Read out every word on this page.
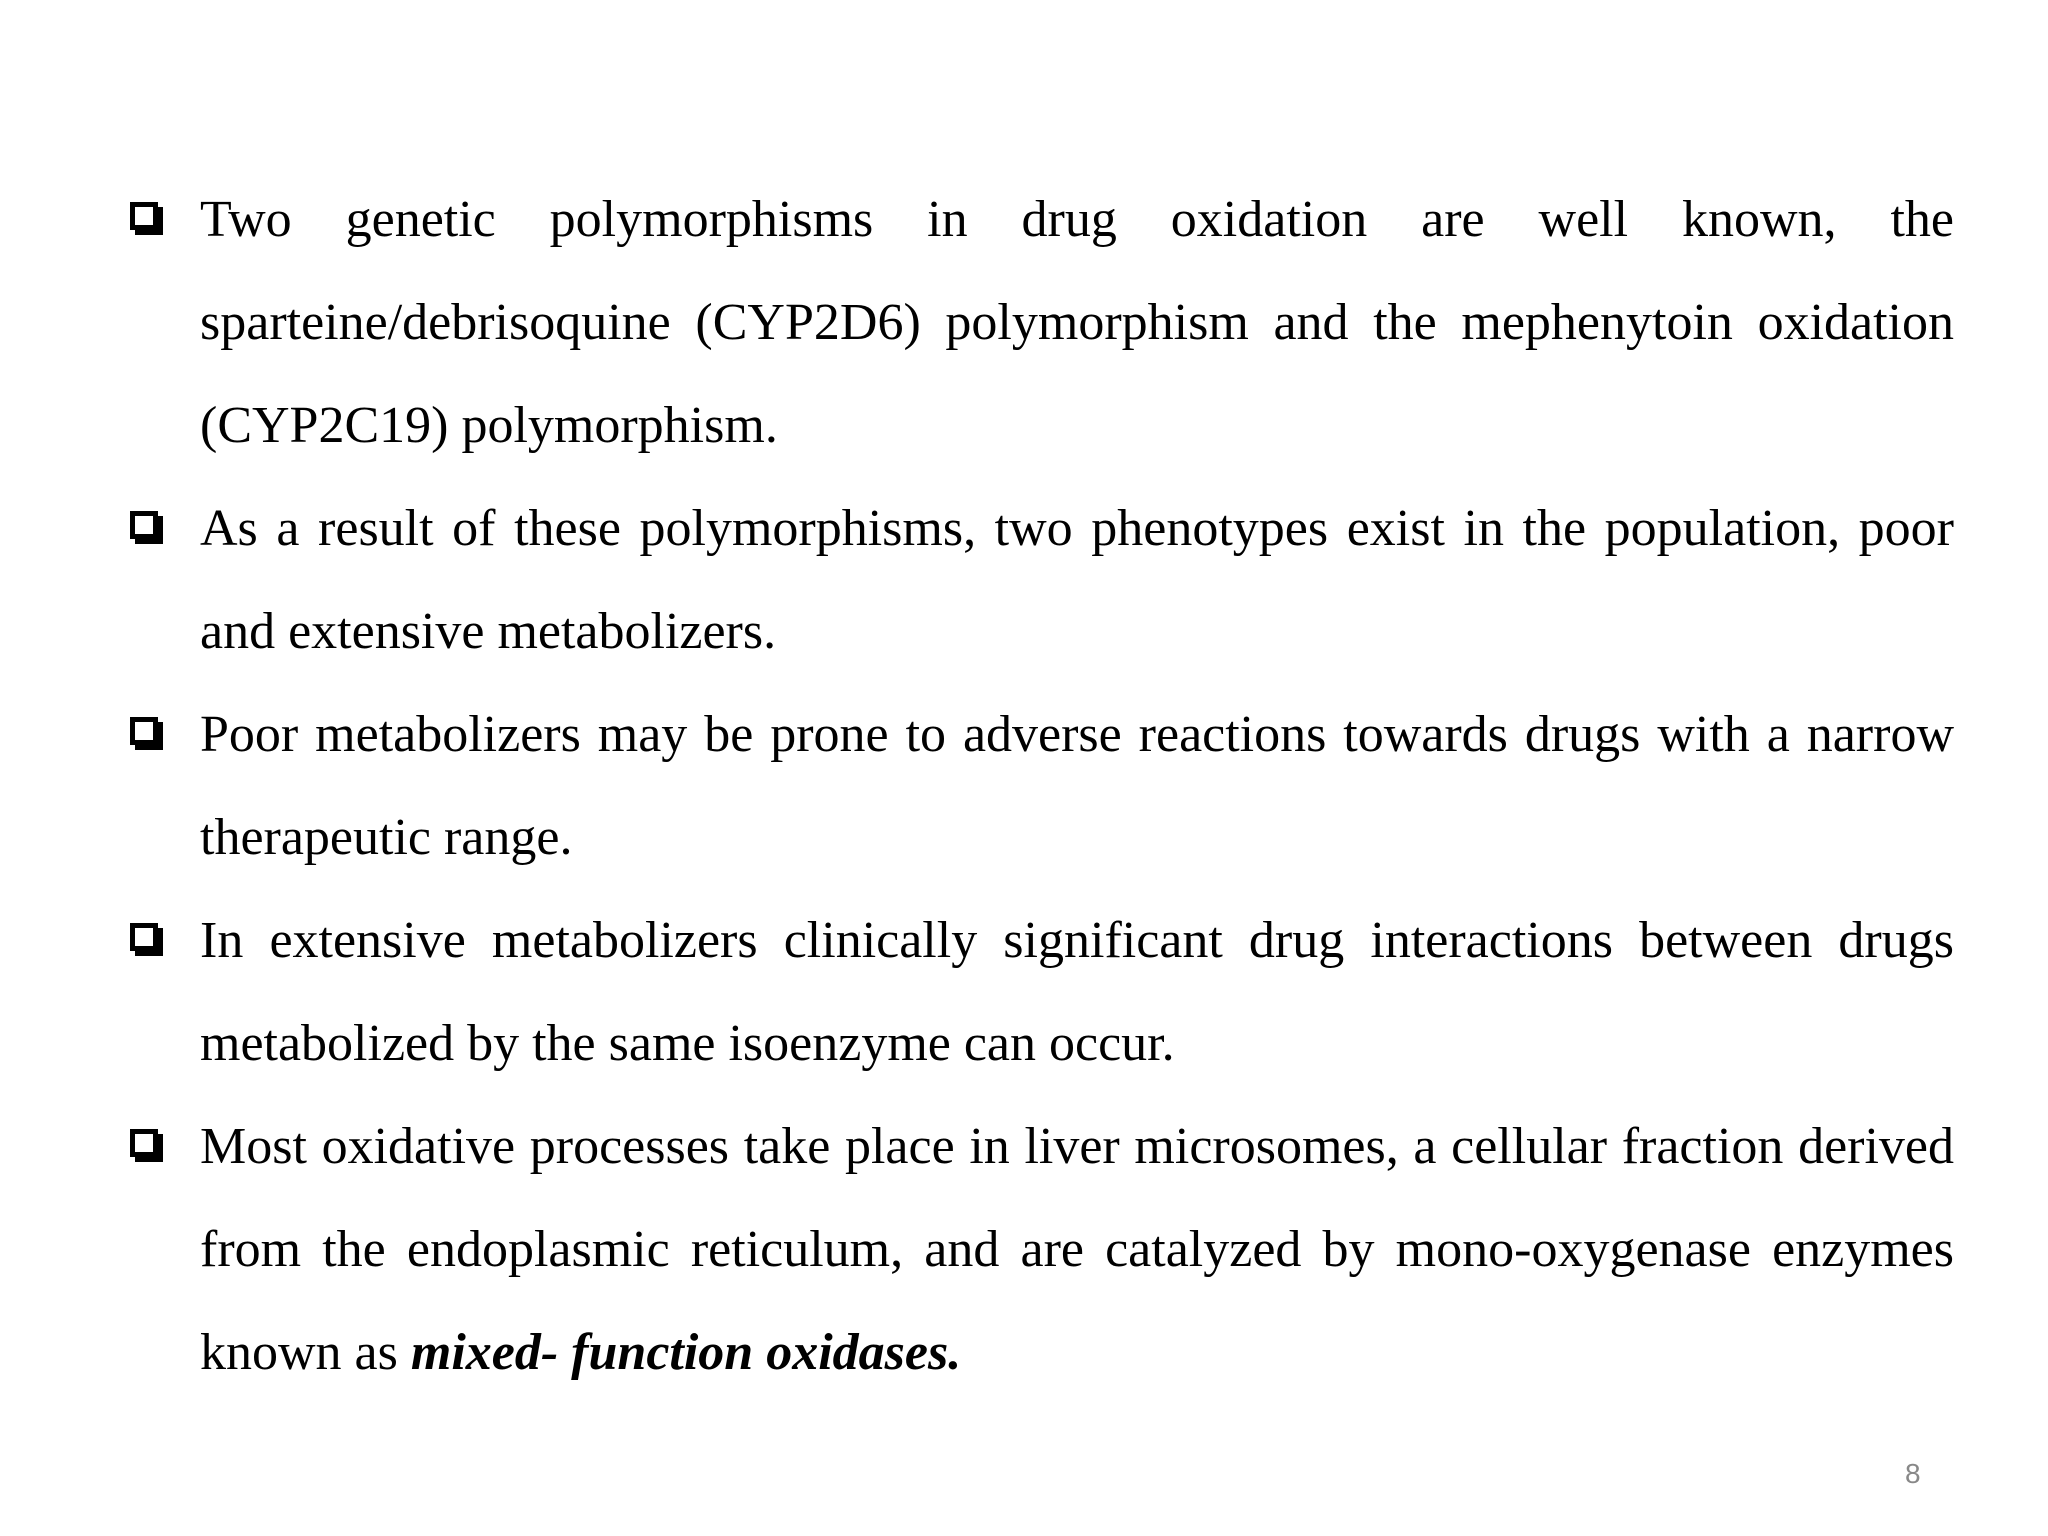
Two genetic polymorphisms in drug oxidation are well known, the sparteine/debrisoquine (CYP2D6) polymorphism and the mephenytoin oxidation (CYP2C19) polymorphism.
As a result of these polymorphisms, two phenotypes exist in the population, poor and extensive metabolizers.
Poor metabolizers may be prone to adverse reactions towards drugs with a narrow therapeutic range.
In extensive metabolizers clinically significant drug interactions between drugs metabolized by the same isoenzyme can occur.
Most oxidative processes take place in liver microsomes, a cellular fraction derived from the endoplasmic reticulum, and are catalyzed by mono-oxygenase enzymes known as mixed- function oxidases.
8
